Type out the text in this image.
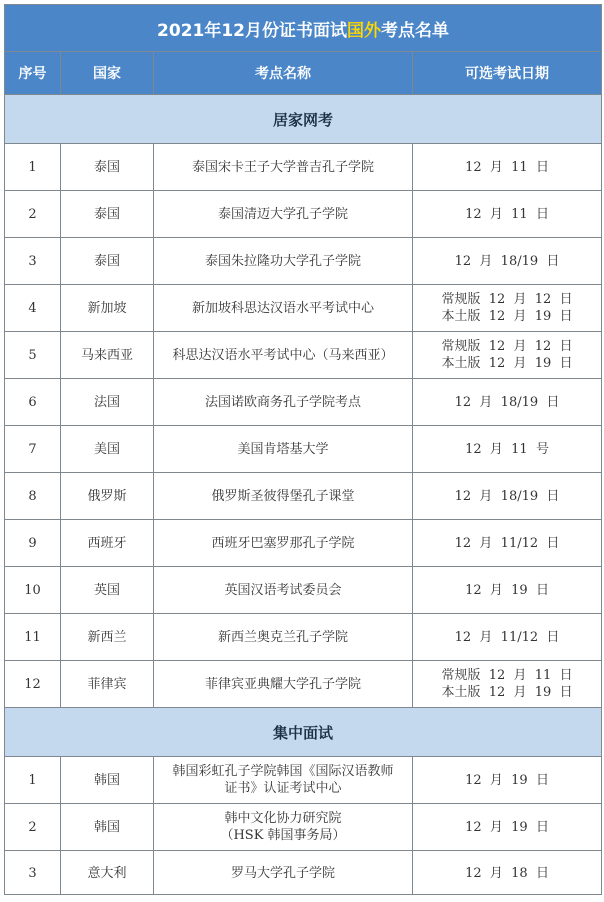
2021年12月份证书面试国外考点名单			
序号	国家	考点名称	可选考试日期
居家网考			
1	泰国	泰国宋卡王子大学普吉孔子学院	12  月  11  日

2	泰国	泰国清迈大学孔子学院	12  月  11  日

3	泰国	泰国朱拉隆功大学孔子学院	12  月  18/19  日

4	新加坡	新加坡科思达汉语水平考试中心	常规版  12  月  12  日
本土版  12  月  19  日

5	马来西亚	科思达汉语水平考试中心（马来西亚）	常规版  12  月  12  日
本土版  12  月  19  日

6	法国	法国诺欧商务孔子学院考点	12  月  18/19  日

7	美国	美国肯塔基大学	12  月  11  号

8	俄罗斯	俄罗斯圣彼得堡孔子课堂	12  月  18/19  日

9	西班牙	西班牙巴塞罗那孔子学院	12  月  11/12  日

10	英国	英国汉语考试委员会	12  月  19  日

11	新西兰	新西兰奥克兰孔子学院	12  月  11/12  日

12	菲律宾	菲律宾亚典耀大学孔子学院	常规版  12  月  11  日
本土版  12  月  19  日

集中面试			
1	韩国	韩国彩虹孔子学院韩国《国际汉语教师
证书》认证考试中心	12  月  19  日

2	韩国	韩中文化协力研究院
（HSK 韩国事务局）	12  月  19  日

3	意大利	罗马大学孔子学院	12  月  18  日
